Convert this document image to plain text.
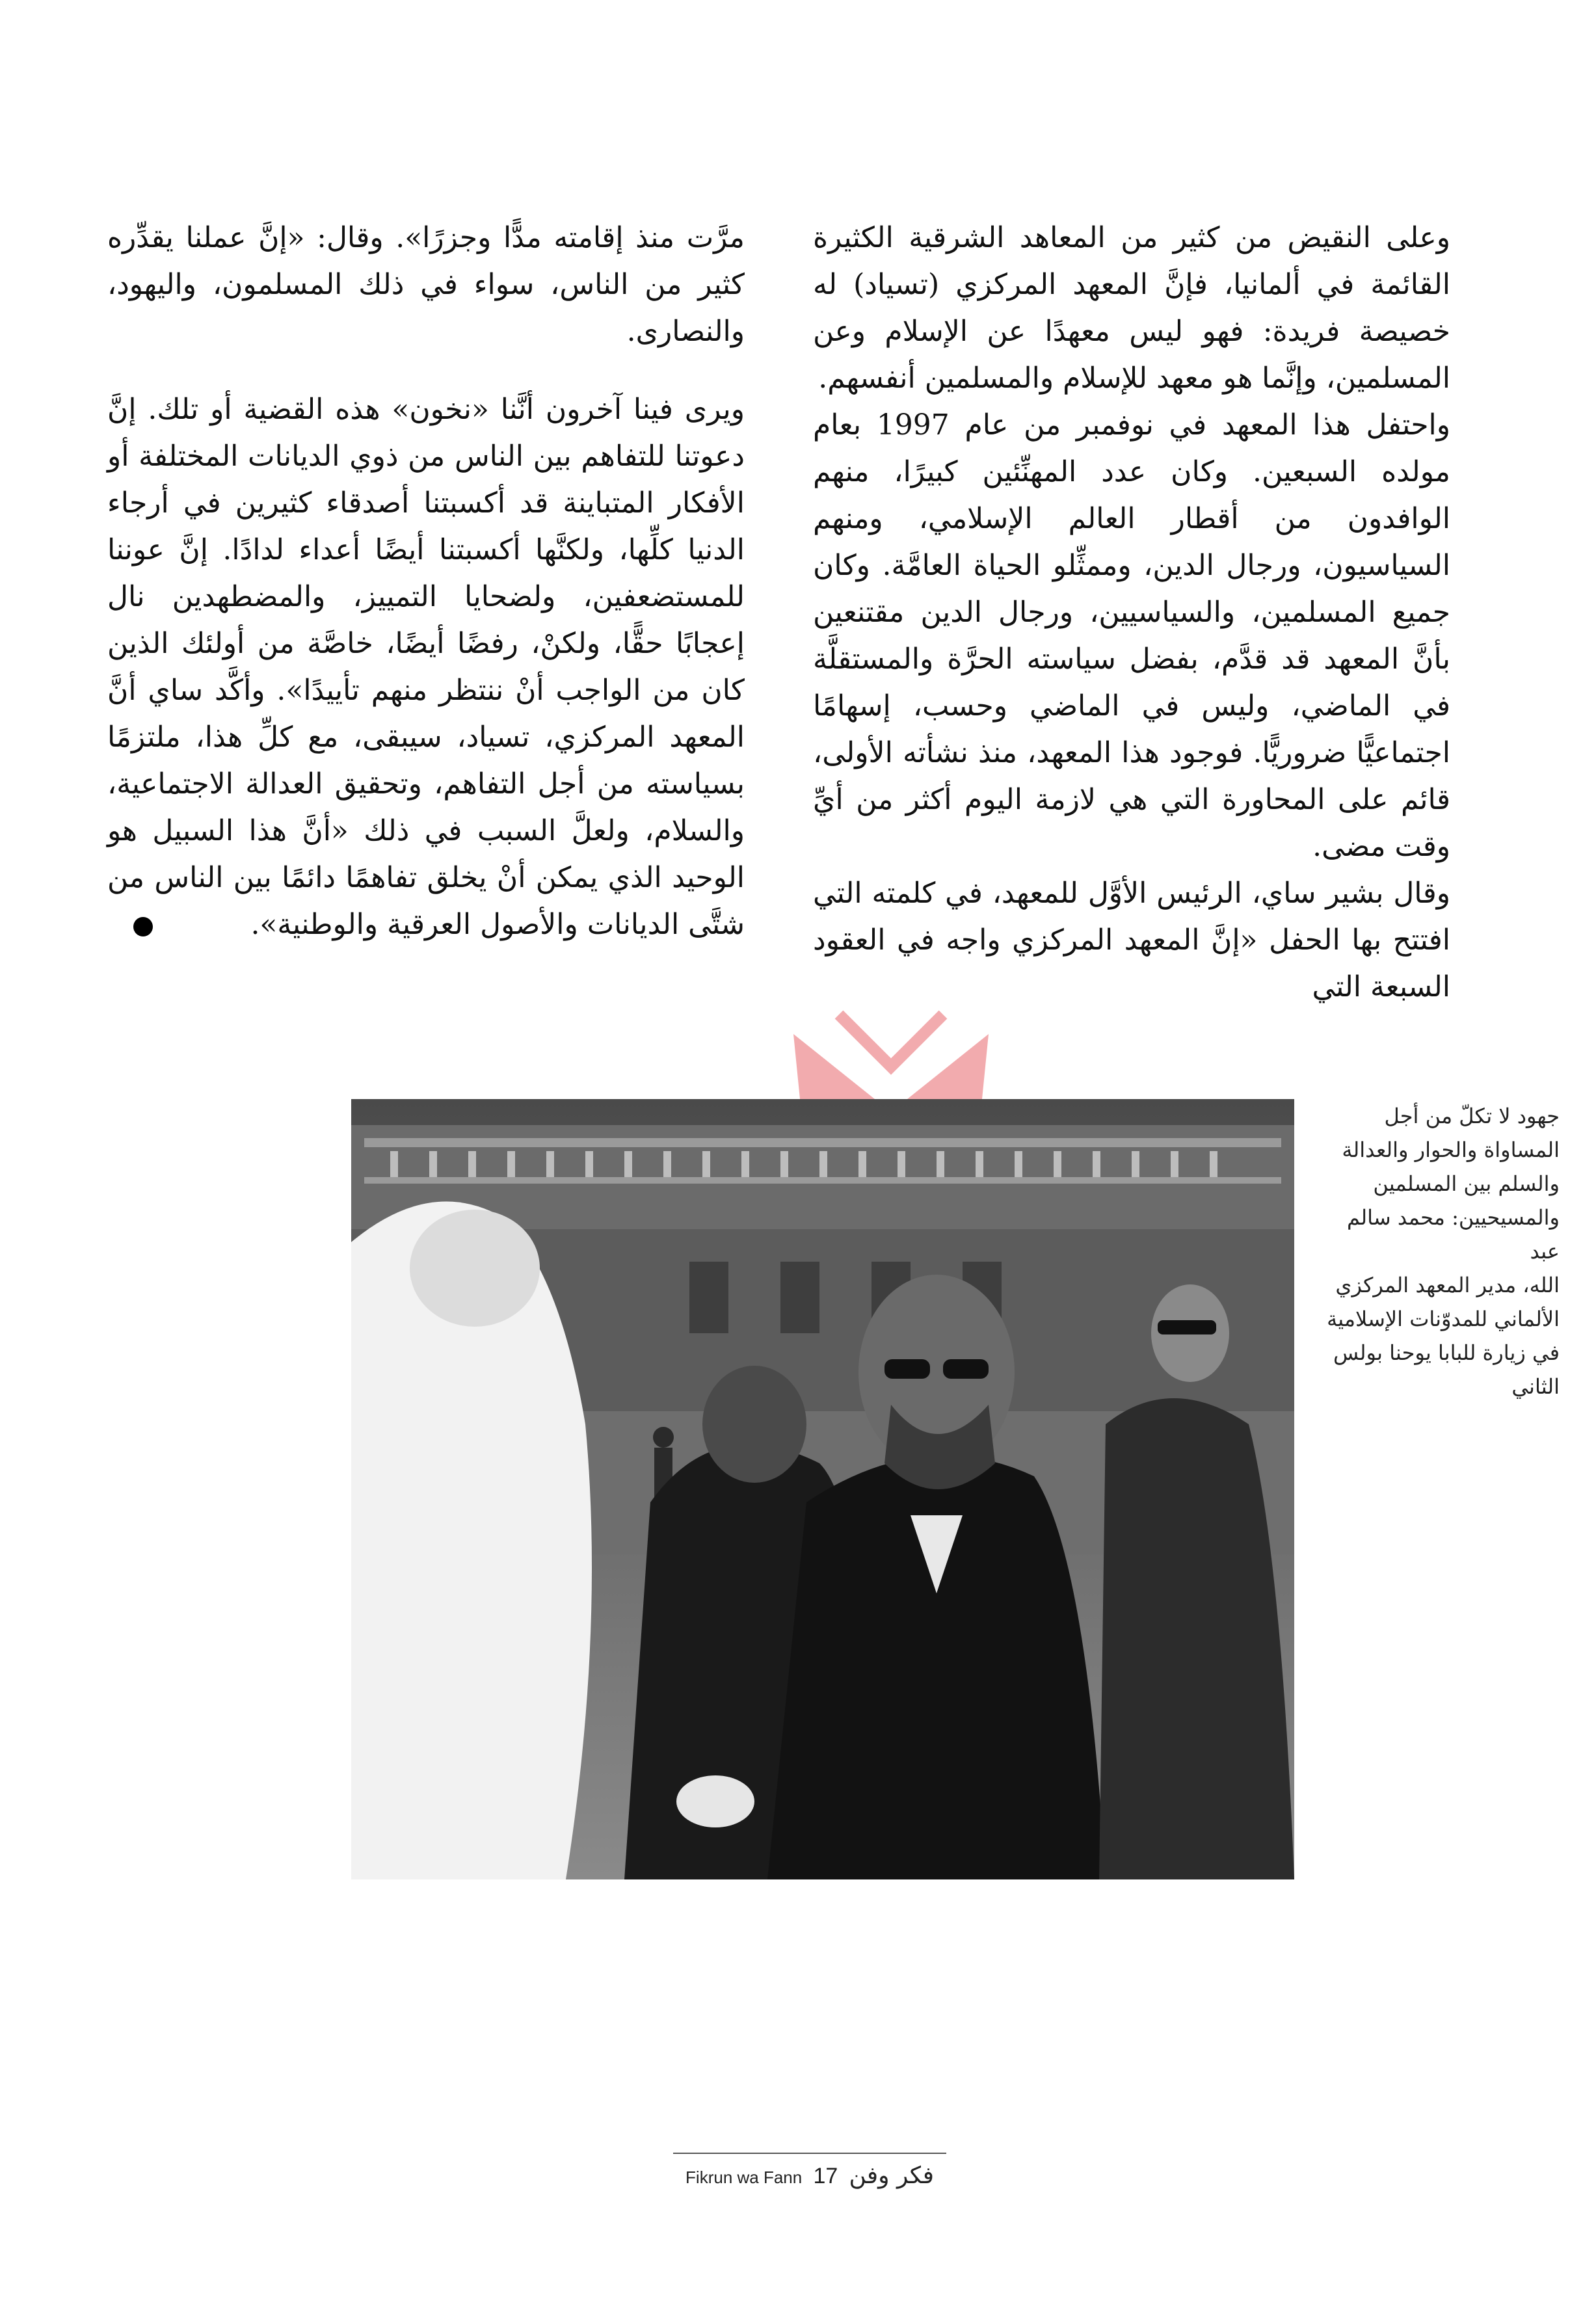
وعلى النقيض من كثير من المعاهد الشرقية الكثيرة القائمة في ألمانيا، فإنَّ المعهد المركزي (تسياد) له خصيصة فريدة: فهو ليس معهدًا عن الإسلام وعن المسلمين، وإنَّما هو معهد للإسلام والمسلمين أنفسهم.

واحتفل هذا المعهد في نوفمبر من عام 1997 بعام مولده السبعين. وكان عدد المهنِّئين كبيرًا، منهم الوافدون من أقطار العالم الإسلامي، ومنهم السياسيون، ورجال الدين، وممثِّلو الحياة العامَّة. وكان جميع المسلمين، والسياسيين، ورجال الدين مقتنعين بأنَّ المعهد قد قدَّم، بفضل سياسته الحرَّة والمستقلَّة في الماضي، وليس في الماضي وحسب، إسهامًا اجتماعيًّا ضروريًّا. فوجود هذا المعهد، منذ نشأته الأولى، قائم على المحاورة التي هي لازمة اليوم أكثر من أيِّ وقت مضى.

وقال بشير ساي، الرئيس الأوَّل للمعهد، في كلمته التي افتتح بها الحفل «إنَّ المعهد المركزي واجه في العقود السبعة التي

مرَّت منذ إقامته مدًّا وجزرًا». وقال: «إنَّ عملنا يقدِّره كثير من الناس، سواء في ذلك المسلمون، واليهود، والنصارى.

ويرى فينا آخرون أنَّنا «نخون» هذه القضية أو تلك. إنَّ دعوتنا للتفاهم بين الناس من ذوي الديانات المختلفة أو الأفكار المتباينة قد أكسبتنا أصدقاء كثيرين في أرجاء الدنيا كلِّها، ولكنَّها أكسبتنا أيضًا أعداء لدادًا. إنَّ عوننا للمستضعفين، ولضحايا التمييز، والمضطهدين نال إعجابًا حقًّا، ولكنْ، رفضًا أيضًا، خاصَّة من أولئك الذين كان من الواجب أنْ ننتظر منهم تأييدًا». وأكَّد ساي أنَّ المعهد المركزي، تسياد، سيبقى، مع كلِّ هذا، ملتزمًا بسياسته من أجل التفاهم، وتحقيق العدالة الاجتماعية، والسلام، ولعلَّ السبب في ذلك «أنَّ هذا السبيل هو الوحيد الذي يمكن أنْ يخلق تفاهمًا دائمًا بين الناس من شتَّى الديانات والأصول العرقية والوطنية».

جهود لا تكلّ من أجل

المساواة والحوار والعدالة

والسلم بين المسلمين

والمسيحيين: محمد سالم عبد

الله، مدير المعهد المركزي

الألماني للمدوّنات الإسلامية

في زيارة للبابا يوحنا بولس

الثاني

Fikrun wa Fann 17 فكر وفن
